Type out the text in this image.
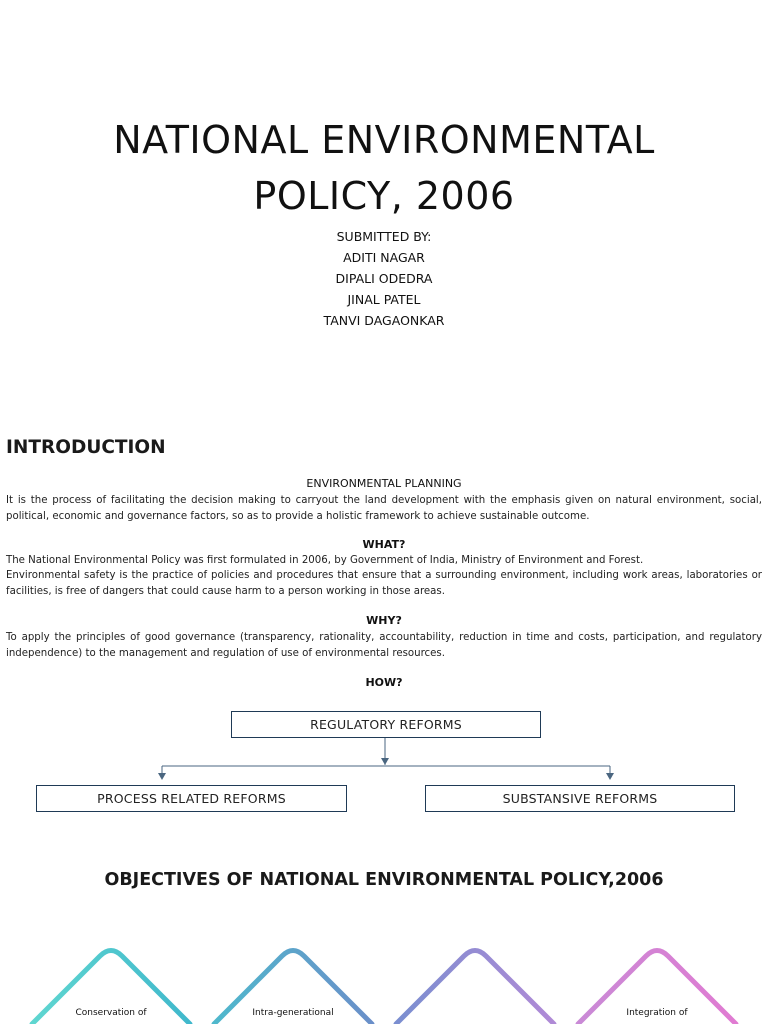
NATIONAL ENVIRONMENTAL
POLICY, 2006
SUBMITTED BY:
ADITI NAGAR
DIPALI ODEDRA
JINAL PATEL
TANVI DAGAONKAR
INTRODUCTION
ENVIRONMENTAL PLANNING
It is the process of facilitating the decision making to carryout the land development with the emphasis given on natural environment, social, political, economic and governance factors, so as to provide a holistic framework to achieve sustainable outcome.
WHAT?
The National Environmental Policy was first formulated in 2006, by Government of India, Ministry of Environment and Forest.
Environmental safety is the practice of policies and procedures that ensure that a surrounding environment, including work areas, laboratories or facilities, is free of dangers that could cause harm to a person working in those areas.
WHY?
To apply the principles of good governance (transparency, rationality, accountability, reduction in time and costs, participation, and regulatory independence) to the management and regulation of use of environmental resources.
HOW?
REGULATORY REFORMS
PROCESS RELATED REFORMS	SUBSTANSIVE REFORMS
OBJECTIVES OF NATIONAL ENVIRONMENTAL POLICY,2006
Conservation of	Intra-generational	Integration of
